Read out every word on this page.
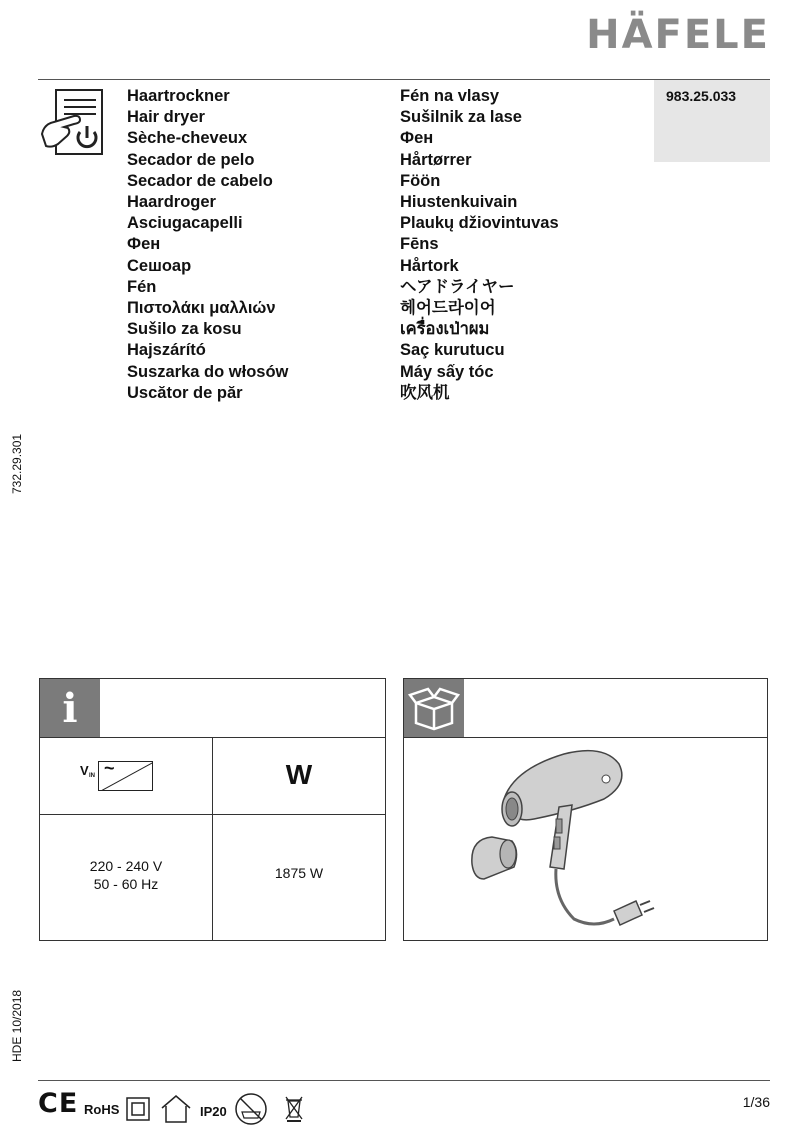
HÄFELE
Haartrockner
Hair dryer
Sèche-cheveux
Secador de pelo
Secador de cabelo
Haardroger
Asciugacapelli
Фен
Сешоар
Fén
Πιστολάκι μαλλιών
Sušilo za kosu
Hajszárító
Suszarka do włosów
Uscător de păr
Fén na vlasy
Sušilnik za lase
Фен
Hårtørrer
Föön
Hiustenkuivain
Plaukų džiovintuvas
Fēns
Hårtork
ヘアドライヤー
헤어드라이어
เครื่องเป่าผม
Saç kurutucu
Máy sấy tóc
吹风机
983.25.033
732.29.301
HDE 10/2018
i
V IN ~	W
220 - 240 V
50 - 60 Hz
1875 W
CE RoHS	IP20
1/36
